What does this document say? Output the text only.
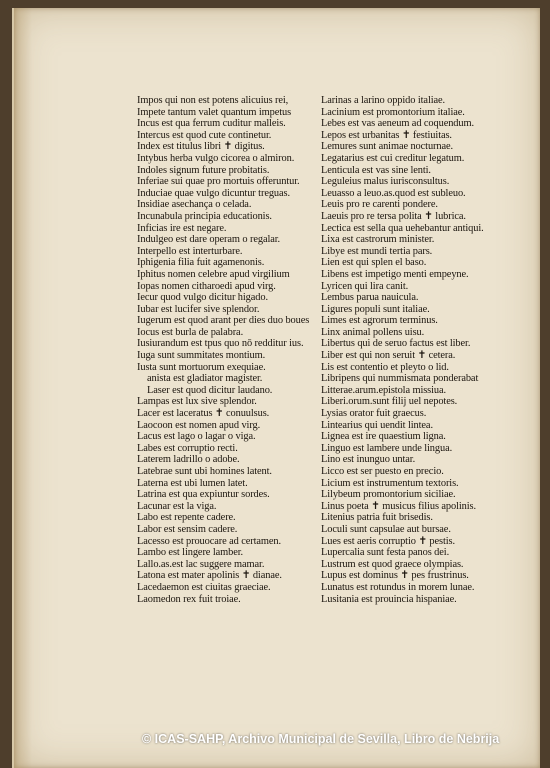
Impos qui non est potens alicuius rei,
Impete tantum valet quantum impetus
Incus est qua ferrum cuditur malleis.
Intercus est quod cute continetur.
Index est titulus libri ✝ digitus.
Intybus herba vulgo cicorea o almiron.
Indoles signum future probitatis.
Inferiae sui quae pro mortuis offeruntur.
Induciae quae vulgo dicuntur treguas.
Insidiae asechança o celada.
Incunabula principia educationis.
Inficias ire est negare.
Indulgeo est dare operam o regalar.
Interpello est interturbare.
Iphigenia filia fuit agamenonis.
Iphitus nomen celebre apud virgilium
Iopas nomen citharoedi apud virg.
Iecur quod vulgo dicitur higado.
Iubar est lucifer sive splendor.
Iugerum est quod arant per dies duo boues
Iocus est burla de palabra.
Iusiurandum est tpus quo nō redditur ius.
Iuga sunt summitates montium.
Iusta sunt mortuorum exequiae.
anista est gladiator magister.
Laser est quod dicitur laudano.
Lampas est lux sive splendor.
Lacer est laceratus ✝ conuulsus.
Laocoon est nomen apud virg.
Lacus est lago o lagar o viga.
Labes est corruptio recti.
Laterem ladrillo o adobe.
Latebrae sunt ubi homines latent.
Laterna est ubi lumen latet.
Latrina est qua expiuntur sordes.
Lacunar est la viga.
Labo est repente cadere.
Labor est sensim cadere.
Lacesso est prouocare ad certamen.
Lambo est lingere lamber.
Lallo.as.est lac suggere mamar.
Latona est mater apolinis ✝ dianae.
Lacedaemon est ciuitas graeciae.
Laomedon rex fuit troiae.
Larinas a larino oppido italiae.
Lacinium est promontorium italiae.
Lebes est vas aeneum ad coquendum.
Lepos est urbanitas ✝ festiuitas.
Lemures sunt animae nocturnae.
Legatarius est cui creditur legatum.
Lenticula est vas sine lenti.
Leguleius malus iurisconsultus.
Leuasso a leuo.as.quod est subleuo.
Leuis pro re carenti pondere.
Laeuis pro re tersa polita ✝ lubrica.
Lectica est sella qua uehebantur antiqui.
Lixa est castrorum minister.
Libye est mundi tertia pars.
Lien est qui splen el baso.
Libens est impetigo menti empeyne.
Lyricen qui lira canit.
Lembus parua nauicula.
Ligures populi sunt italiae.
Limes est agrorum terminus.
Linx animal pollens uisu.
Libertus qui de seruo factus est liber.
Liber est qui non seruit ✝ cetera.
Lis est contentio et pleyto o lid.
Libripens qui nummismata ponderabat
Litterae.arum.epistola missiua.
Liberi.orum.sunt filij uel nepotes.
Lysias orator fuit graecus.
Lintearius qui uendit lintea.
Lignea est ire quaestium ligna.
Linguo est lambere unde lingua.
Lino est inunguo untar.
Licco est ser puesto en precio.
Licium est instrumentum textoris.
Lilybeum promontorium siciliae.
Linus poeta ✝ musicus filius apolinis.
Litenius patria fuit brisedis.
Loculi sunt capsulae aut bursae.
Lues est aeris corruptio ✝ pestis.
Lupercalia sunt festa panos dei.
Lustrum est quod graece olympias.
Lupus est dominus ✝ pes frustrinus.
Lunatus est rotundus in morem lunae.
Lusitania est prouincia hispaniae.
© ICAS-SAHP, Archivo Municipal de Sevilla, Libro de Nebrija
